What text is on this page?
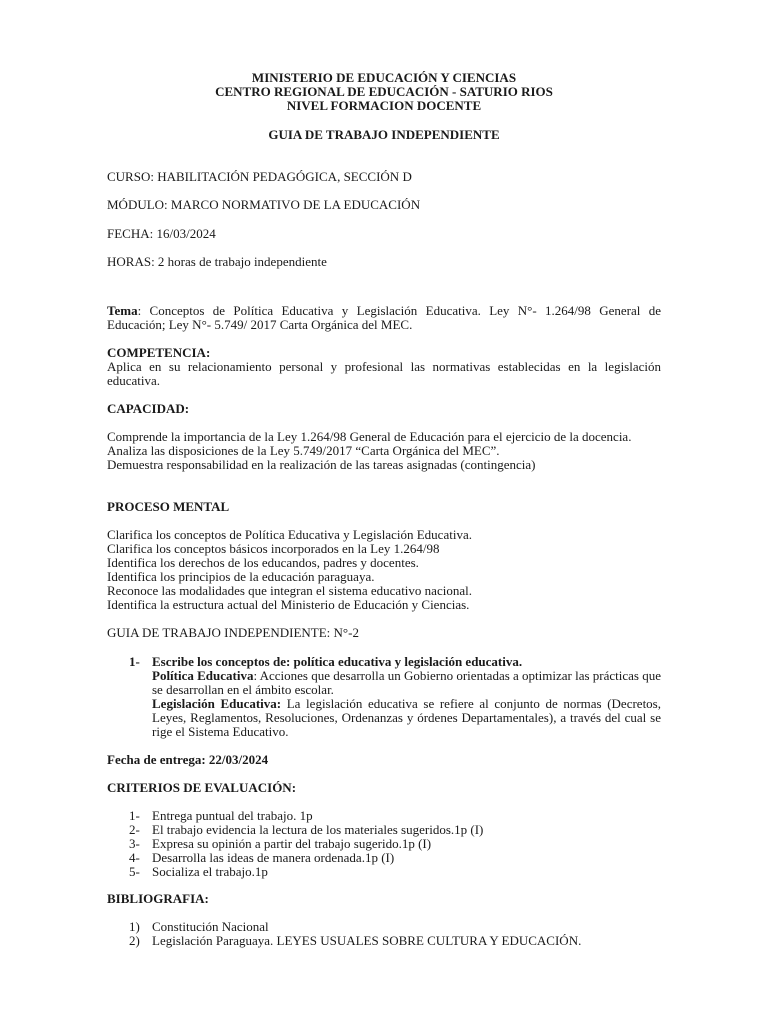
MINISTERIO DE EDUCACIÓN Y CIENCIAS
CENTRO REGIONAL DE EDUCACIÓN - SATURIO RIOS
NIVEL FORMACION DOCENTE
GUIA DE TRABAJO INDEPENDIENTE
CURSO: HABILITACIÓN PEDAGÓGICA, SECCIÓN D
MÓDULO: MARCO NORMATIVO DE LA EDUCACIÓN
FECHA: 16/03/2024
HORAS: 2 horas de trabajo independiente
Tema: Conceptos de Política Educativa y Legislación Educativa. Ley N°- 1.264/98 General de Educación; Ley N°- 5.749/ 2017 Carta Orgánica del MEC.
COMPETENCIA:
Aplica en su relacionamiento personal y profesional las normativas establecidas en la legislación educativa.
CAPACIDAD:
Comprende la importancia de la Ley 1.264/98 General de Educación para el ejercicio de la docencia.
Analiza las disposiciones de la Ley 5.749/2017 “Carta Orgánica del MEC”.
Demuestra responsabilidad en la realización de las tareas asignadas (contingencia)
PROCESO MENTAL
Clarifica los conceptos de Política Educativa y Legislación Educativa.
Clarifica los conceptos básicos incorporados en la Ley 1.264/98
Identifica los derechos de los educandos, padres y docentes.
Identifica los principios de la educación paraguaya.
Reconoce las modalidades que integran el sistema educativo nacional.
Identifica la estructura actual del Ministerio de Educación y Ciencias.
GUIA DE TRABAJO INDEPENDIENTE: N°-2
1- Escribe los conceptos de: política educativa y legislación educativa.
Política Educativa: Acciones que desarrolla un Gobierno orientadas a optimizar las prácticas que se desarrollan en el ámbito escolar.
Legislación Educativa: La legislación educativa se refiere al conjunto de normas (Decretos, Leyes, Reglamentos, Resoluciones, Ordenanzas y órdenes Departamentales), a través del cual se rige el Sistema Educativo.
Fecha de entrega: 22/03/2024
CRITERIOS DE EVALUACIÓN:
1- Entrega puntual del trabajo. 1p
2- El trabajo evidencia la lectura de los materiales sugeridos.1p (I)
3- Expresa su opinión a partir del trabajo sugerido.1p (I)
4- Desarrolla las ideas de manera ordenada.1p (I)
5- Socializa el trabajo.1p
BIBLIOGRAFIA:
1) Constitución Nacional
2) Legislación Paraguaya. LEYES USUALES SOBRE CULTURA Y EDUCACIÓN.
